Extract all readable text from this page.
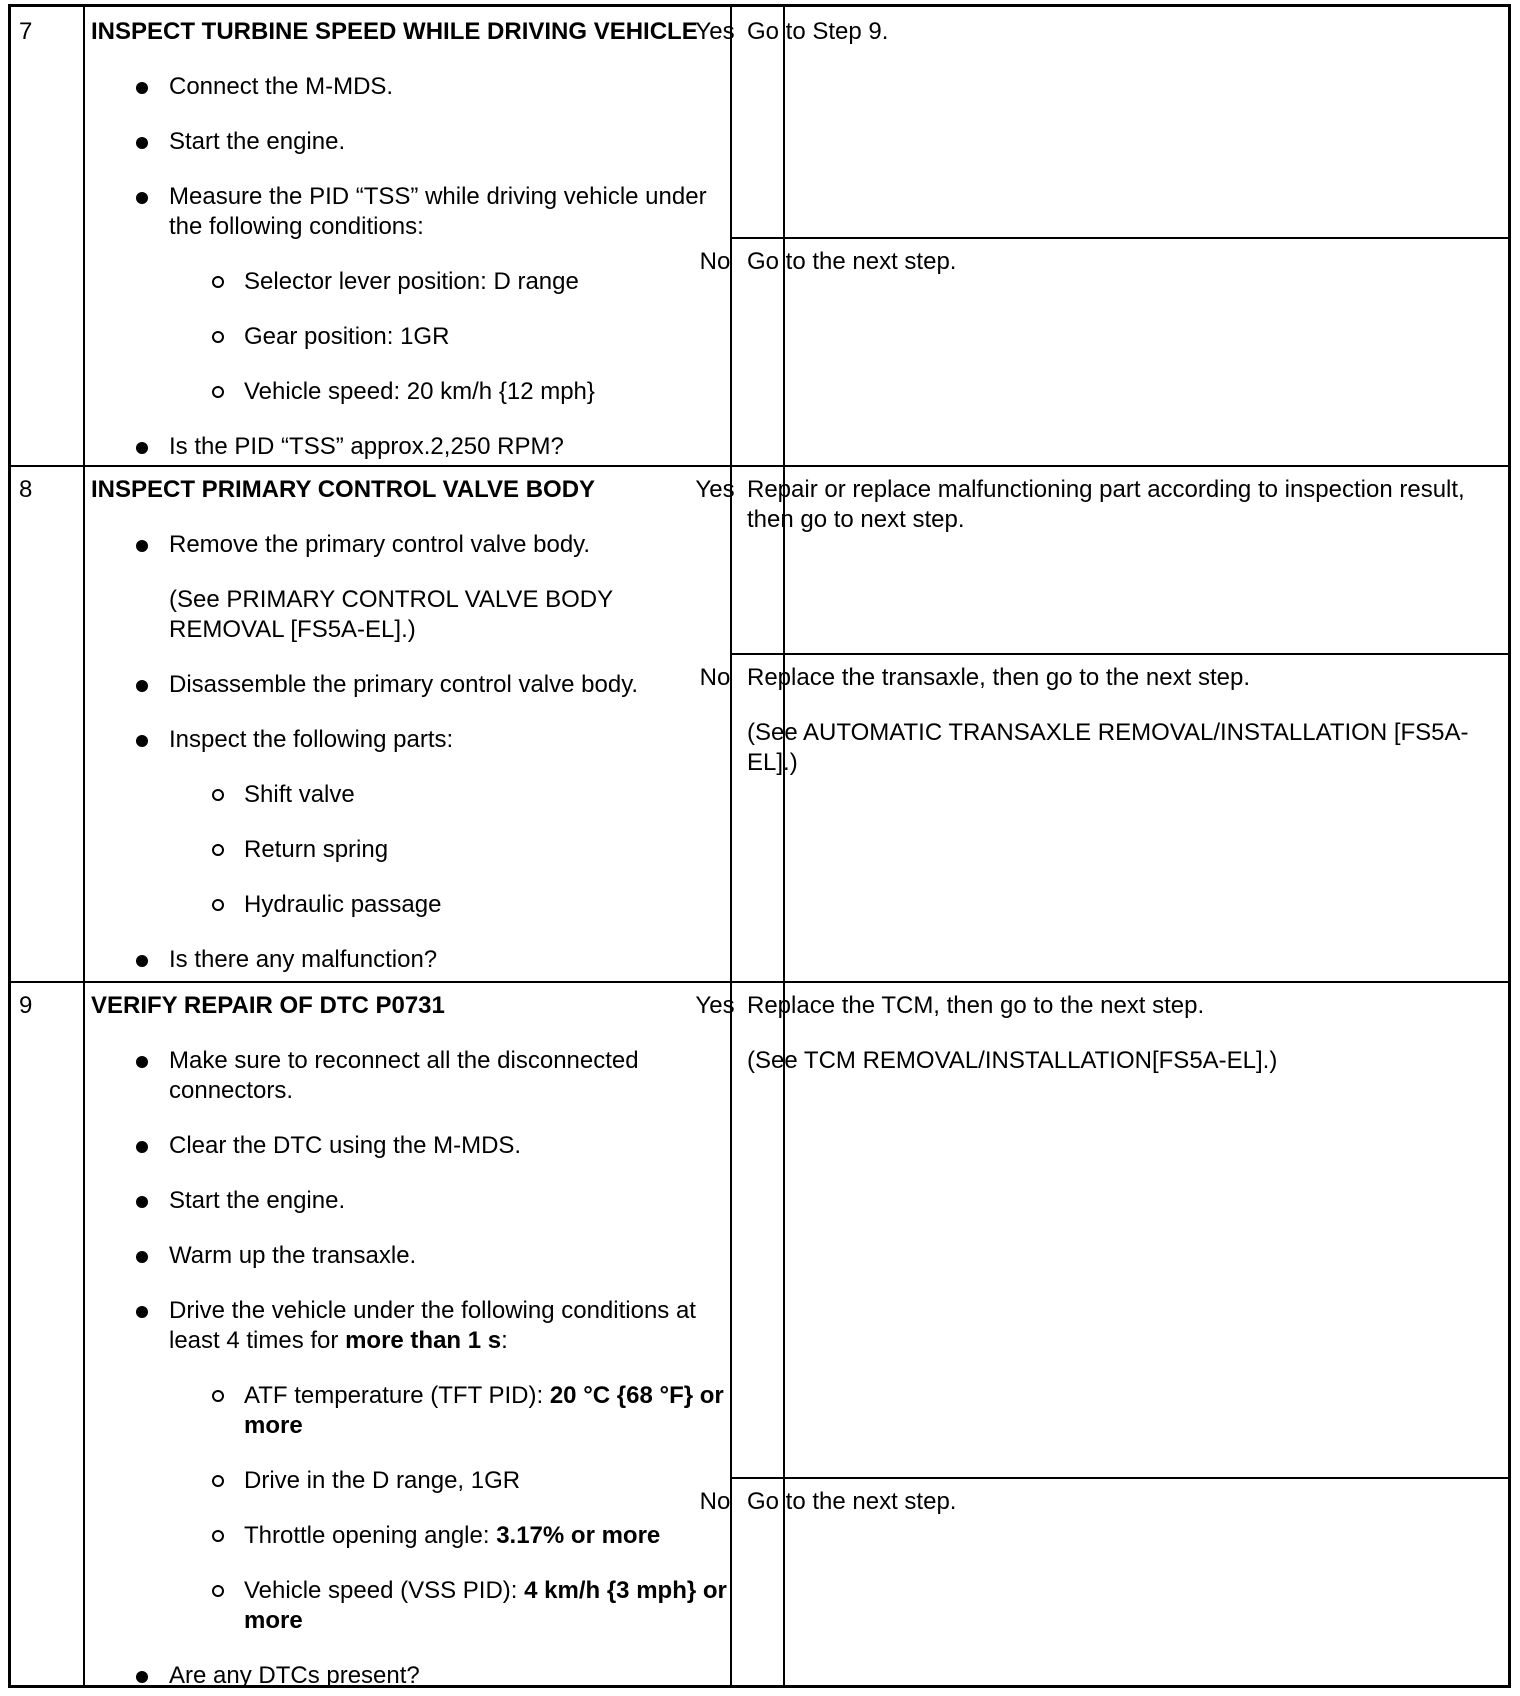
7 INSPECT TURBINE SPEED WHILE DRIVING VEHICLE
Connect the M-MDS.
Start the engine.
Measure the PID “TSS” while driving vehicle under the following conditions:
Selector lever position: D range
Gear position: 1GR
Vehicle speed: 20 km/h {12 mph}
Is the PID “TSS” approx.2,250 RPM?
Yes Go to Step 9.

No Go to the next step.

8 INSPECT PRIMARY CONTROL VALVE BODY
Remove the primary control valve body.

(See PRIMARY CONTROL VALVE BODY REMOVAL [FS5A-EL].)

Disassemble the primary control valve body.
Inspect the following parts:
Shift valve
Return spring
Hydraulic passage
Is there any malfunction?
Yes Repair or replace malfunctioning part according to inspection result, then go to next step.

No Replace the transaxle, then go to the next step.

(See AUTOMATIC TRANSAXLE REMOVAL/INSTALLATION [FS5A-EL].)

9 VERIFY REPAIR OF DTC P0731
Make sure to reconnect all the disconnected connectors.
Clear the DTC using the M-MDS.
Start the engine.
Warm up the transaxle.
Drive the vehicle under the following conditions at least 4 times for more than 1 s:
ATF temperature (TFT PID): 20 °C {68 °F} or more
Drive in the D range, 1GR
Throttle opening angle: 3.17% or more
Vehicle speed (VSS PID): 4 km/h {3 mph} or more
Are any DTCs present?
Yes Replace the TCM, then go to the next step.

(See TCM REMOVAL/INSTALLATION[FS5A-EL].)

No Go to the next step.
